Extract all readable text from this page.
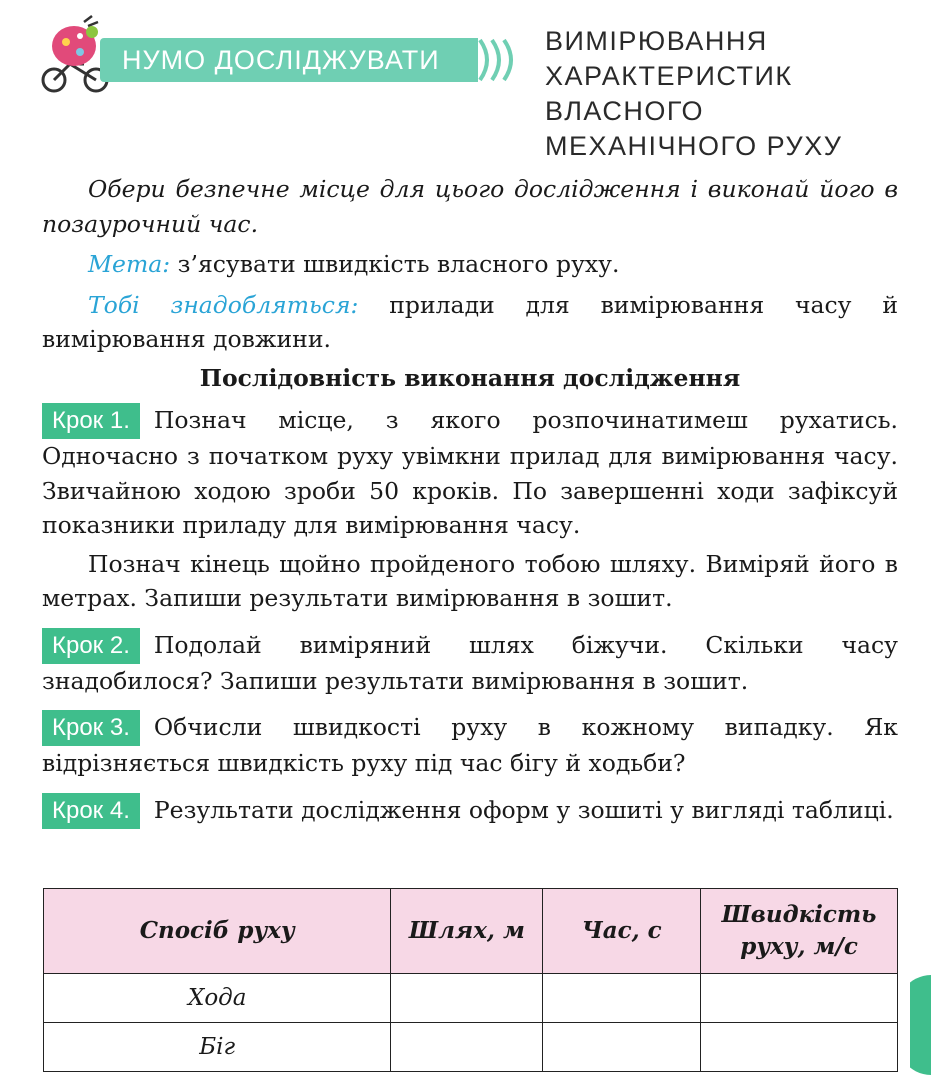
НУМО ДОСЛІДЖУВАТИ
ВИМІРЮВАННЯ
ХАРАКТЕРИСТИК
ВЛАСНОГО
МЕХАНІЧНОГО РУХУ

Обери безпечне місце для цього дослідження і виконай його в позаурочний час.

Мета: з’ясувати швидкість власного руху.

Тобі знадобляться: прилади для вимірювання часу й вимірювання довжини.

Послідовність виконання дослідження

Крок 1. Познач місце, з якого розпочинатимеш рухатись. Одночасно з початком руху увімкни прилад для вимірювання часу. Звичайною ходою зроби 50 кроків. По завершенні ходи зафіксуй показники приладу для вимірювання часу.

Познач кінець щойно пройденого тобою шляху. Виміряй його в метрах. Запиши результати вимірювання в зошит.

Крок 2. Подолай виміряний шлях біжучи. Скільки часу знадобилося? Запиши результати вимірювання в зошит.

Крок 3. Обчисли швидкості руху в кожному випадку. Як відрізняється швидкість руху під час бігу й ходьби?

Крок 4. Результати дослідження оформ у зошиті у вигляді таблиці.

Спосіб руху	Шлях, м	Час, с	Швидкість руху, м/с
Хода			
Біг			
